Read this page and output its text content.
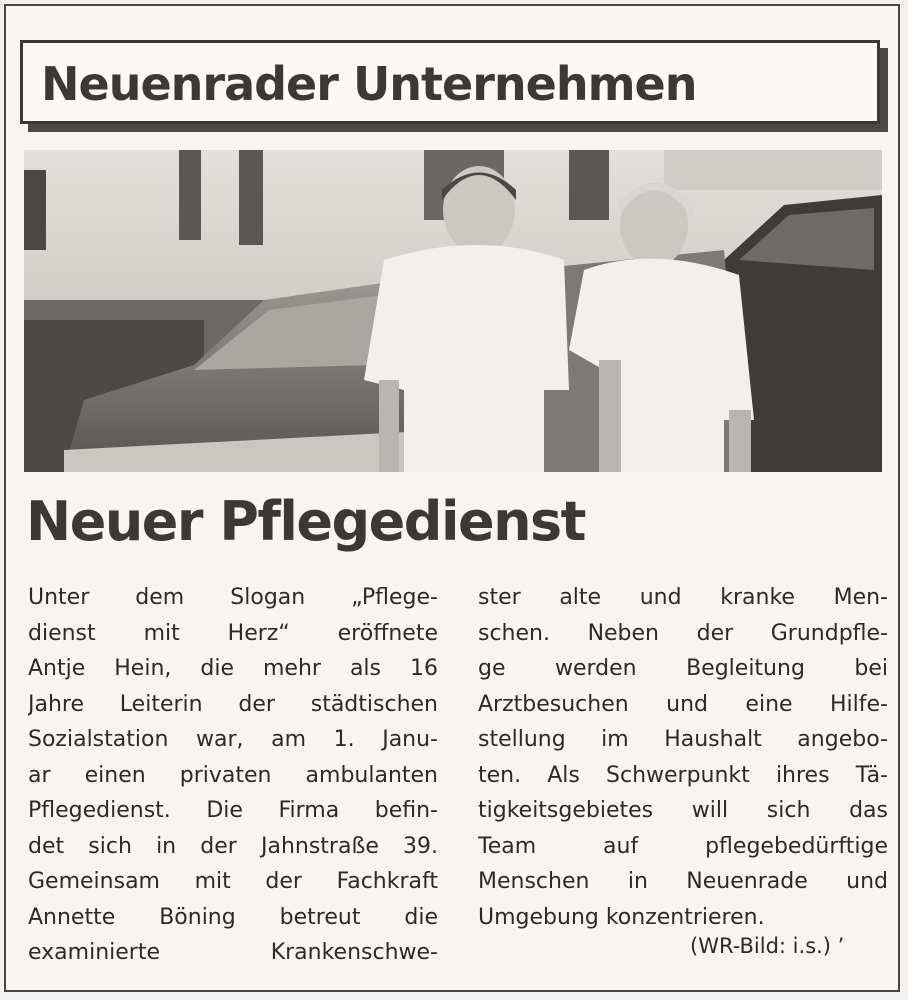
Neuenrader Unternehmen
Neuer Pflegedienst
Unter dem Slogan „Pflege-
dienst mit Herz“ eröffnete
Antje Hein, die mehr als 16
Jahre Leiterin der städtischen
Sozialstation war, am 1. Janu-
ar einen privaten ambulanten
Pflegedienst. Die Firma befin-
det sich in der Jahnstraße 39.
Gemeinsam mit der Fachkraft
Annette Böning betreut die
examinierte Krankenschwe-
ster alte und kranke Men-
schen. Neben der Grundpfle-
ge werden Begleitung bei
Arztbesuchen und eine Hilfe-
stellung im Haushalt angebo-
ten. Als Schwerpunkt ihres Tä-
tigkeitsgebietes will sich das
Team auf pflegebedürftige
Menschen in Neuenrade und
Umgebung konzentrieren.
(WR-Bild: i.s.) ’
